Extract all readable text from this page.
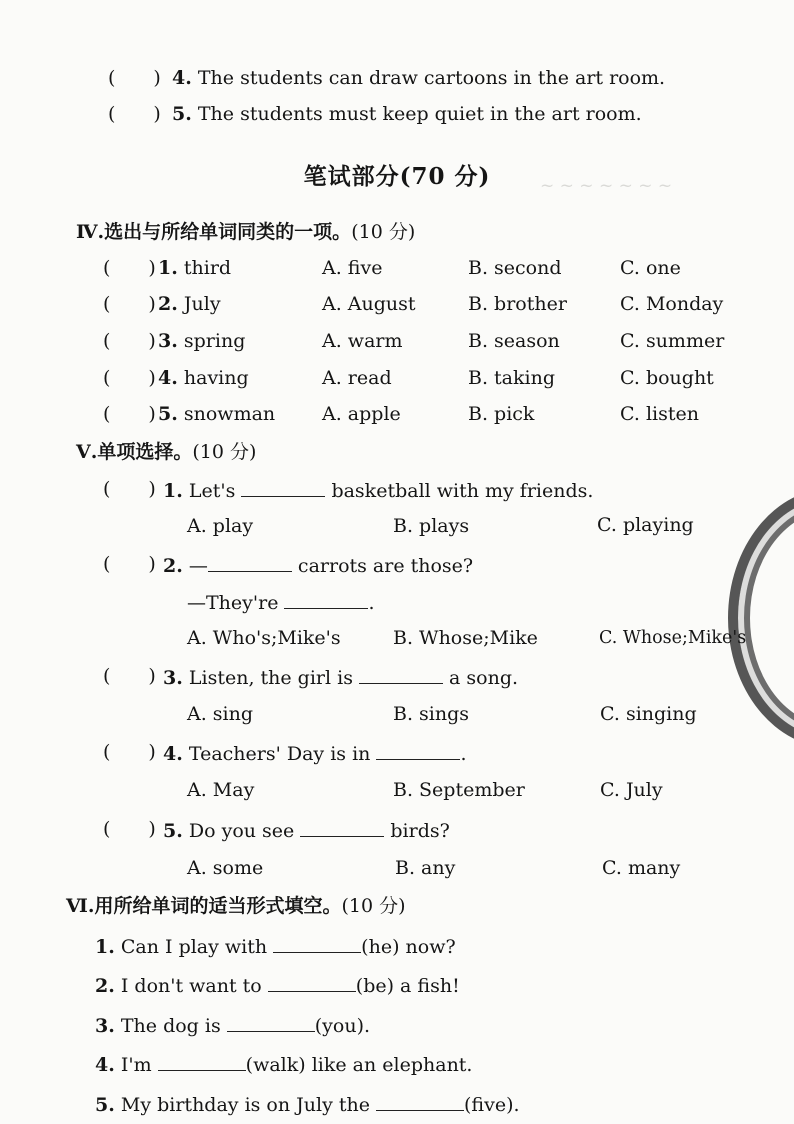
~ ~ ~ ~ ~ ~ ~
(　　) 4. The students can draw cartoons in the art room.
(　　) 5. The students must keep quiet in the art room.
笔试部分(70 分)
Ⅳ.选出与所给单词同类的一项。(10 分)
(　　) 1. third	A. five	B. second	C. one
(　　) 2. July	A. August	B. brother	C. Monday
(　　) 3. spring	A. warm	B. season	C. summer
(　　) 4. having	A. read	B. taking	C. bought
(　　) 5. snowman A. apple	B. pick	C. listen
Ⅴ.单项选择。(10 分)
(　　) 1. Let's	basketball with my friends.
A. play	B. plays	C. playing
(　　) 2. —	carrots are those?
—They're	.
A. Who's;Mike's	B. Whose;Mike	C. Whose;Mike's
(　　) 3. Listen, the girl is	a song.
A. sing	B. sings	C. singing
(　　) 4. Teachers' Day is in	.
A. May	B. September	C. July
(　　) 5. Do you see	birds?
A. some	B. any	C. many
Ⅵ.用所给单词的适当形式填空。(10 分)
1. Can I play with	(he) now?
2. I don't want to	(be) a fish!
3. The dog is	(you).
4. I'm	(walk) like an elephant.
5. My birthday is on July the	(five).
